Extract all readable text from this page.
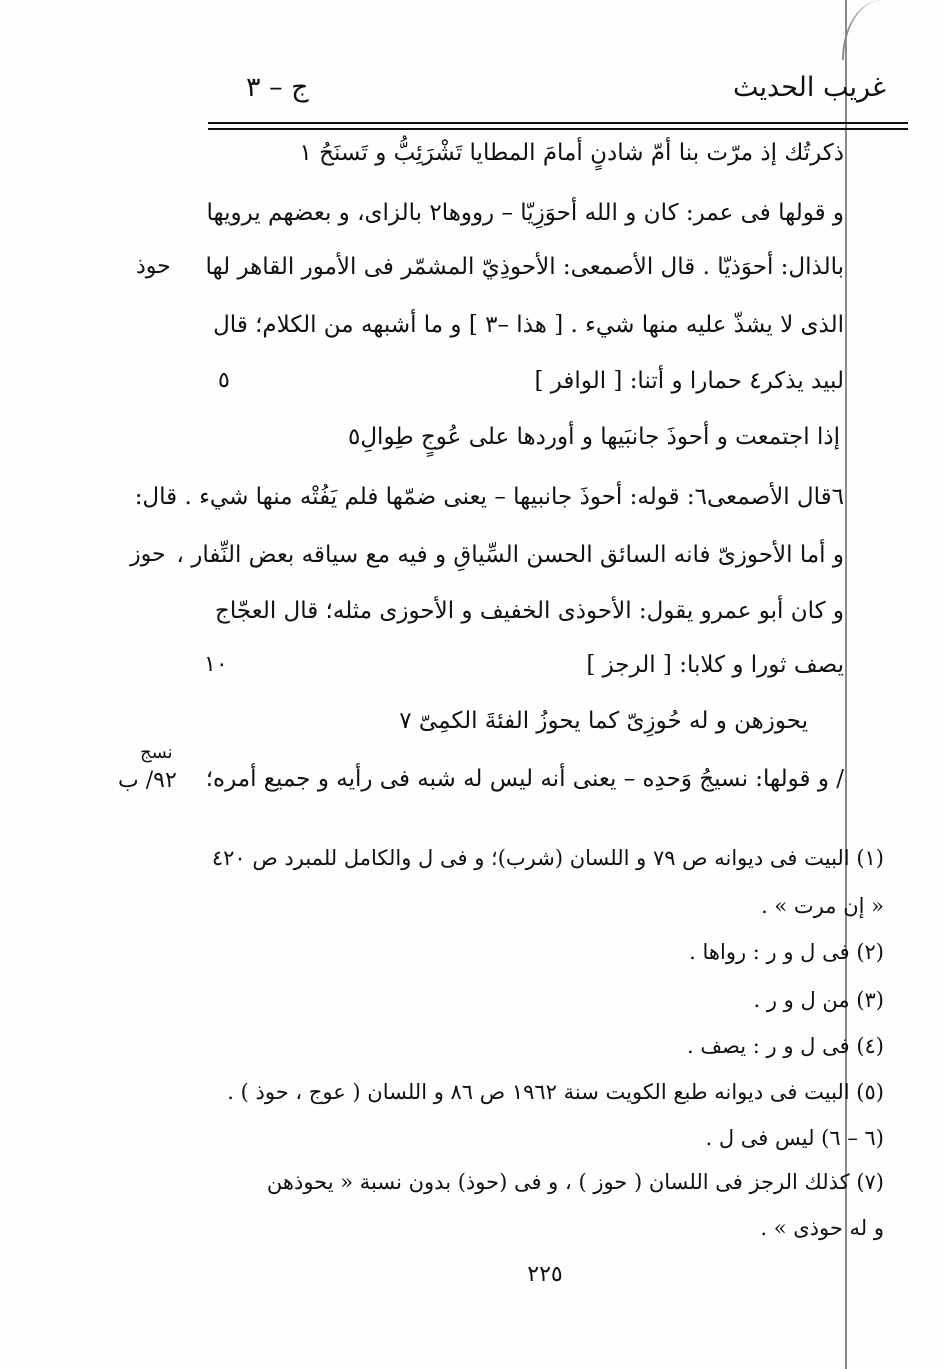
غريب الحديث
ج – ٣
ذكرتُك إذ مرّت بنا أمّ شادنٍ أمامَ المطايا تَشْرَئِبُّ و تَسنَحُ ١
و قولها فى عمر: كان و الله أحوَزِيّا – رووها٢ بالزاى، و بعضهم يرويها
بالذال: أحوَذيّا . قال الأصمعى: الأحوذِيّ المشمّر فى الأمور القاهر لها
الذى لا يشذّ عليه منها شيء . [ هذا –٣ ] و ما أشبهه من الكلام؛ قال
لبيد يذكر٤ حمارا و أتنا: [ الوافر ]
إذا اجتمعت و أحوذَ جانبَيها و أوردها على عُوجٍ طِوالِ٥
٦قال الأصمعى٦: قوله: أحوذَ جانبيها – يعنى ضمّها فلم يَفُتْه منها شيء . قال:
و أما الأحوزىّ فانه السائق الحسن السِّياقِ و فيه مع سياقه بعض النِّفار ،
و كان أبو عمرو يقول: الأحوذى الخفيف و الأحوزى مثله؛ قال العجّاج
يصف ثورا و كلابا: [ الرجز ]
يحوزهن و له حُوزِىّ كما يحوزُ الفئةَ الكمِىّ ٧
/ و قولها: نسيجُ وَحدِه – يعنى أنه ليس له شبه فى رأيه و جميع أمره؛
حوذ
حوز
نسج
٩٢/ ب
٥
١٠
(١) البيت فى ديوانه ص ٧٩ و اللسان (شرب)؛ و فى ل والكامل للمبرد ص ٤٢٠
« إن مرت » .
(٢) فى ل و ر : رواها .
(٣) من ل و ر .
(٤) فى ل و ر : يصف .
(٥) البيت فى ديوانه طبع الكويت سنة ١٩٦٢ ص ٨٦ و اللسان ( عوج ، حوذ ) .
(٦ – ٦) ليس فى ل .
(٧) كذلك الرجز فى اللسان ( حوز ) ، و فى (حوذ) بدون نسبة « يحوذهن
و له حوذى » .
٢٢٥
